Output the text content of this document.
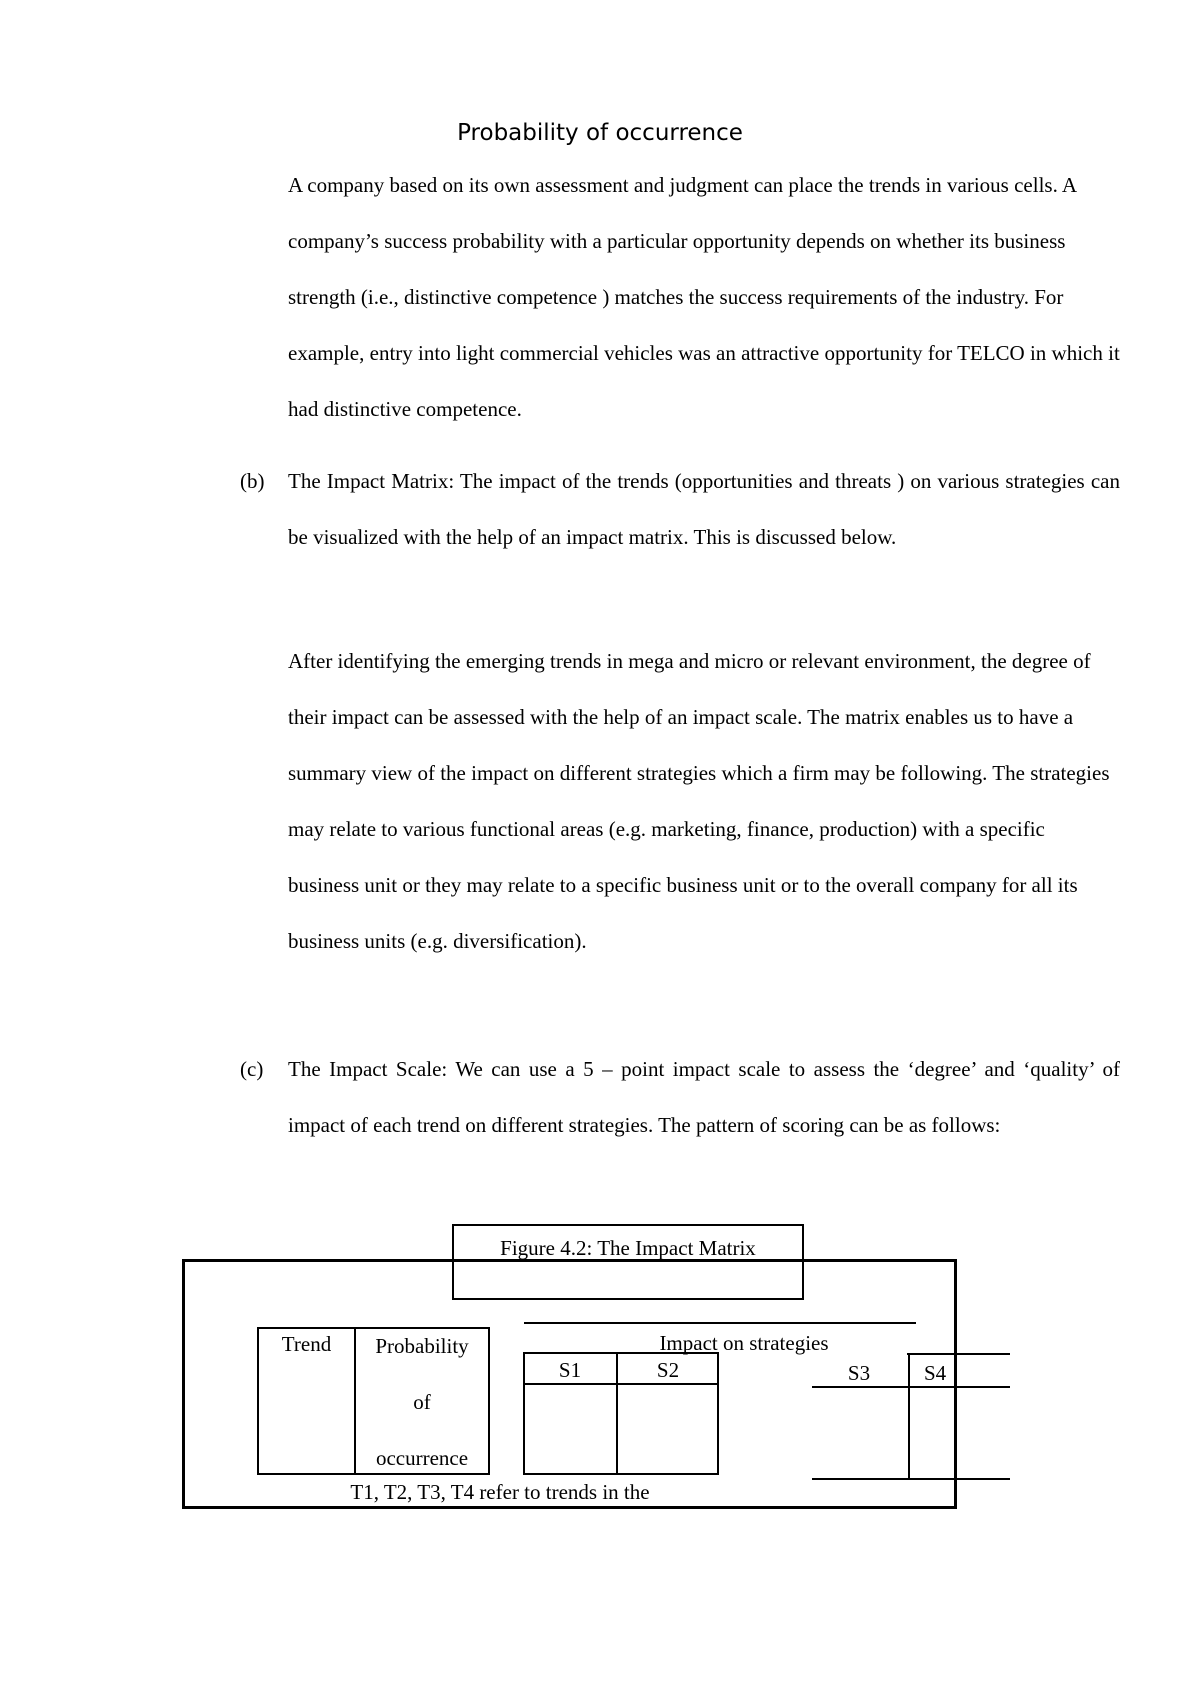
Probability of occurrence

A company based on its own assessment and judgment can place the trends in various cells. A company’s success probability with a particular opportunity depends on whether its business strength (i.e., distinctive competence ) matches the success requirements of the industry. For example, entry into light commercial vehicles was an attractive opportunity for TELCO in which it had distinctive competence.

(b) The Impact Matrix: The impact of the trends (opportunities and threats ) on various strategies can be visualized with the help of an impact matrix. This is discussed below.

After identifying the emerging trends in mega and micro or relevant environment, the degree of their impact can be assessed with the help of an impact scale. The matrix enables us to have a summary view of the impact on different strategies which a firm may be following. The strategies may relate to various functional areas (e.g. marketing, finance, production) with a specific business unit or they may relate to a specific business unit or to the overall company for all its business units (e.g. diversification).

(c) The Impact Scale: We can use a 5 – point impact scale to assess the ‘degree’ and ‘quality’ of impact of each trend on different strategies. The pattern of scoring can be as follows:

Figure 4.2: The Impact Matrix
Trend	Probability
of
occurrence
Impact on strategies
S1	S2	S3	S4
T1, T2, T3, T4 refer to trends in the
